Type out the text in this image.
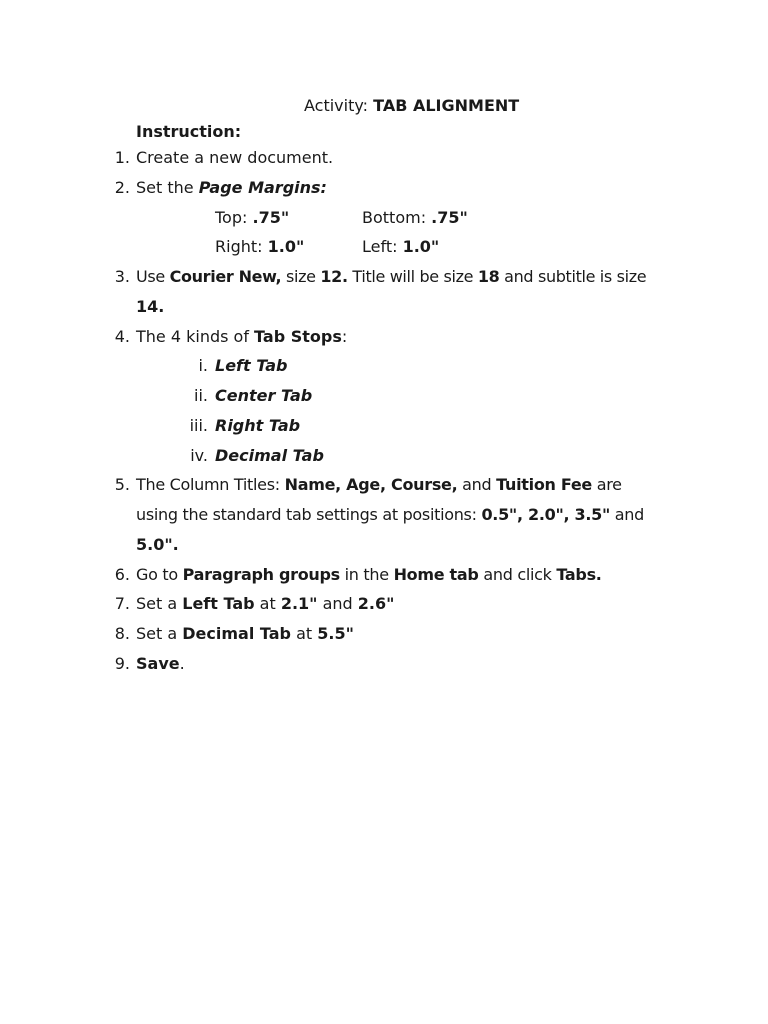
Activity: TAB ALIGNMENT
Instruction:
1. Create a new document.
2. Set the Page Margins:
Top: .75"	Bottom: .75"
Right: 1.0"	Left: 1.0"
3. Use Courier New, size 12. Title will be size 18 and subtitle is size
14.
4. The 4 kinds of Tab Stops:
i. Left Tab
ii. Center Tab
iii. Right Tab
iv. Decimal Tab
5. The Column Titles: Name, Age, Course, and Tuition Fee are
using the standard tab settings at positions: 0.5", 2.0", 3.5" and
5.0".
6. Go to Paragraph groups in the Home tab and click Tabs.
7. Set a Left Tab at 2.1" and 2.6"
8. Set a Decimal Tab at 5.5"
9. Save.
